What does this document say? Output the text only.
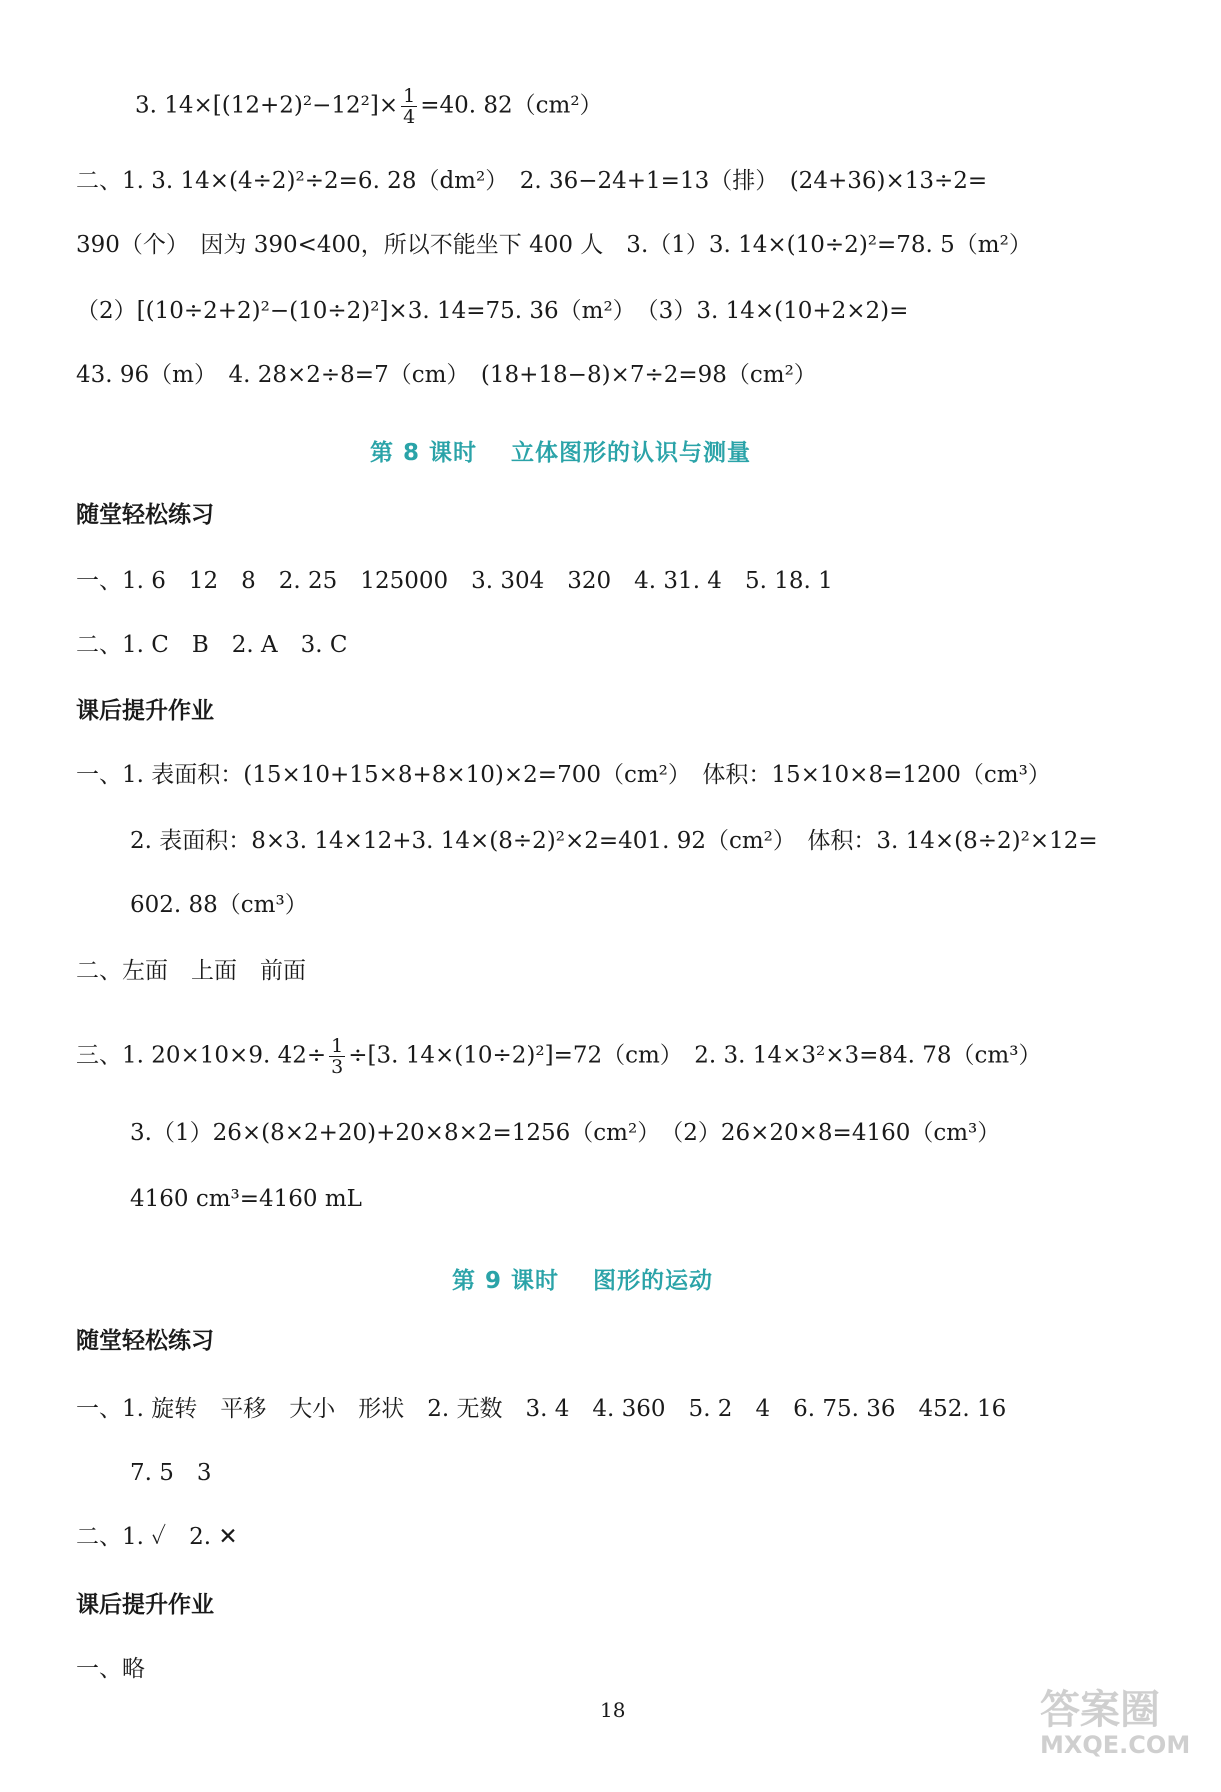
3. $14\times[(12+2)^2-12^2]\times \frac{1}{4} =40$. 82（cm²）
二、1. 3. 14×(4÷2)²÷2=6. 28（dm²）　2. 36−24+1=13（排）　(24+36)×13÷2=
390（个）　因为 390<400，所以不能坐下 400 人　3.（1）3. 14×(10÷2)²=78. 5（m²）
（2）[(10÷2+2)²−(10÷2)²]×3. 14=75. 36（m²）　（3）3. 14×(10+2×2)=
43. 96（m）　4. 28×2÷8=7（cm）　(18+18−8)×7÷2=98（cm²）
第 8 课时 立体图形的认识与测量
随堂轻松练习
一、1. 6　12　8　2. 25　125000　3. 304　320　4. 31. 4　5. 18. 1
二、1. C　B　2. A　3. C
课后提升作业
一、1. 表面积：(15×10+15×8+8×10)×2=700（cm²）　体积：15×10×8=1200（cm³）
2. 表面积：8×3. 14×12+3. 14×(8÷2)²×2=401. 92（cm²）　体积：3. 14×(8÷2)²×12=
602. 88（cm³）
二、左面　上面　前面
三、1. 20×10×9. $42\div \frac{1}{3} \div[3$. 14×(10÷2)²]=72（cm）　2. 3. 14×3²×3=84. 78（cm³）
3.（1）26×(8×2+20)+20×8×2=1256（cm²）　（2）26×20×8=4160（cm³）
4160 cm³=4160 mL
第 9 课时 图形的运动
随堂轻松练习
一、1. 旋转　平移　大小　形状　2. 无数　3. 4　4. 360　5. 2　4　6. 75. 36　452. 16
7. 5　3
二、1. ✓　2. ✕
课后提升作业
一、略
18	答案圈
MXQE.COM
